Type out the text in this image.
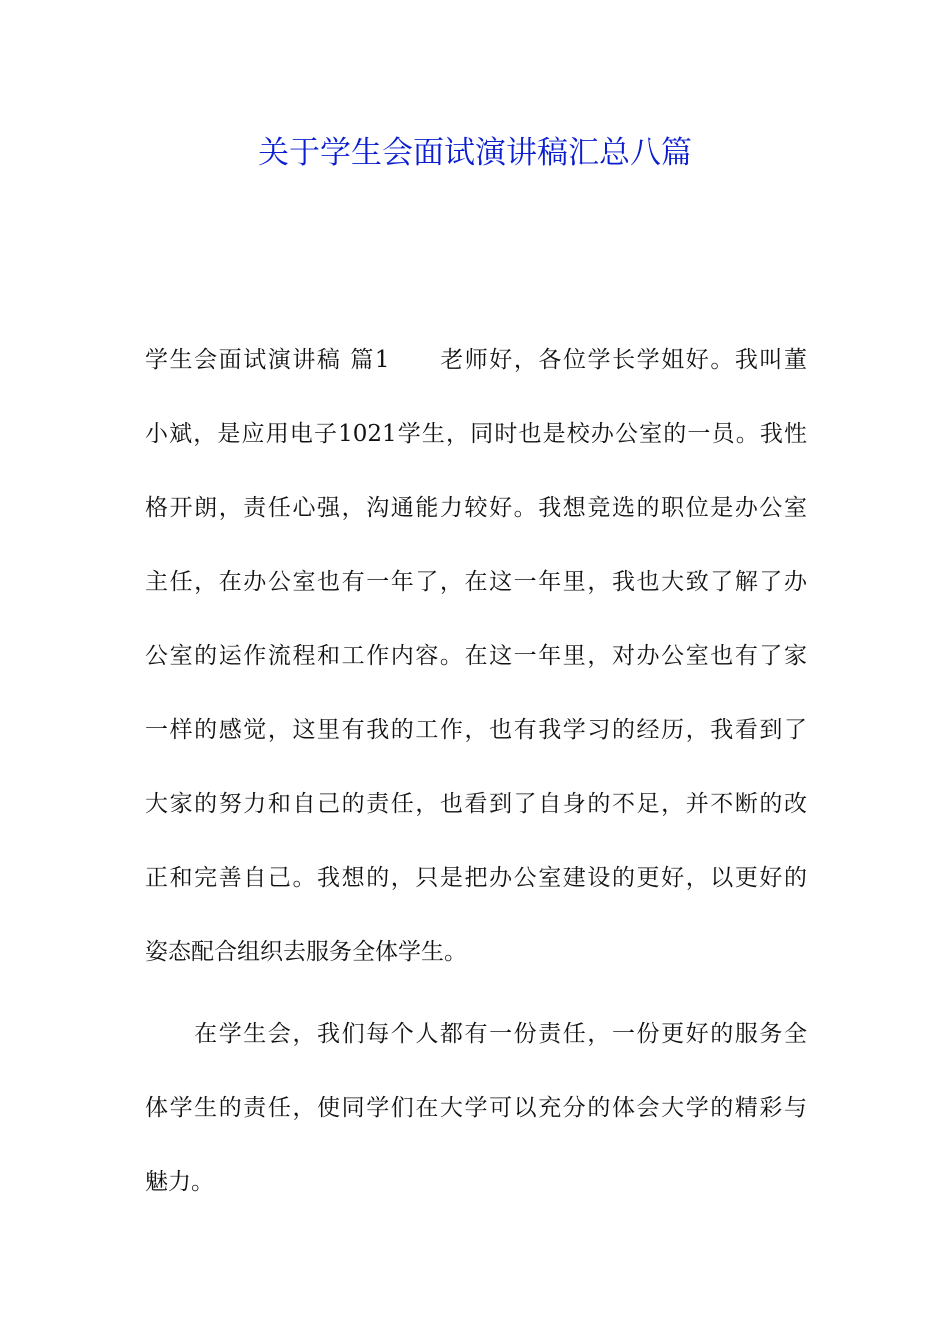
关于学生会面试演讲稿汇总八篇
学生会面试演讲稿 篇1　　老师好，各位学长学姐好。我叫董
小斌，是应用电子1021学生，同时也是校办公室的一员。我性
格开朗，责任心强，沟通能力较好。我想竞选的职位是办公室
主任，在办公室也有一年了，在这一年里，我也大致了解了办
公室的运作流程和工作内容。在这一年里，对办公室也有了家
一样的感觉，这里有我的工作，也有我学习的经历，我看到了
大家的努力和自己的责任，也看到了自身的不足，并不断的改
正和完善自己。我想的，只是把办公室建设的更好，以更好的
姿态配合组织去服务全体学生。
　　在学生会，我们每个人都有一份责任，一份更好的服务全
体学生的责任，使同学们在大学可以充分的体会大学的精彩与
魅力。
